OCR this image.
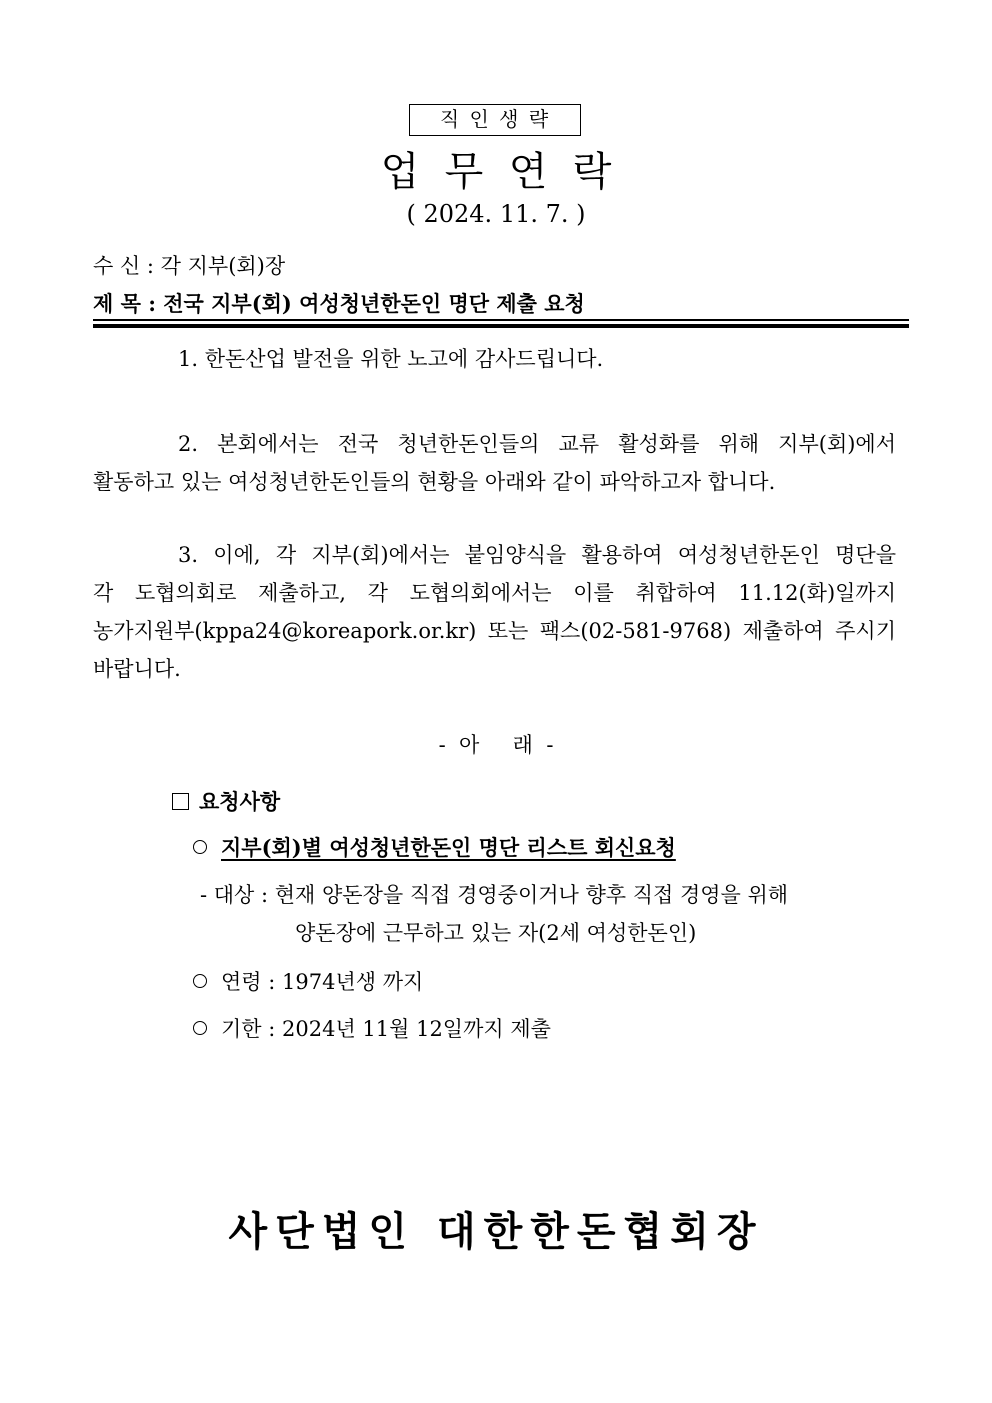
직 인 생 략
업  무  연  락
( 2024. 11. 7. )
수 신 : 각 지부(회)장
제 목 : 전국 지부(회) 여성청년한돈인 명단 제출 요청
1. 한돈산업 발전을 위한 노고에 감사드립니다.
2. 본회에서는 전국 청년한돈인들의 교류 활성화를 위해 지부(회)에서
활동하고 있는 여성청년한돈인들의 현황을 아래와 같이 파악하고자 합니다.
3. 이에, 각 지부(회)에서는 붙임양식을 활용하여 여성청년한돈인 명단을
각 도협의회로 제출하고, 각 도협의회에서는 이를 취합하여 11.12(화)일까지
농가지원부(kppa24@koreapork.or.kr) 또는 팩스(02-581-9768) 제출하여 주시기
바랍니다.
-  아     래  -
요청사항
지부(회)별 여성청년한돈인 명단 리스트 회신요청
- 대상 : 현재 양돈장을 직접 경영중이거나 향후 직접 경영을 위해
양돈장에 근무하고 있는 자(2세 여성한돈인)
연령 : 1974년생 까지
기한 : 2024년 11월 12일까지 제출
사단법인 대한한돈협회장
